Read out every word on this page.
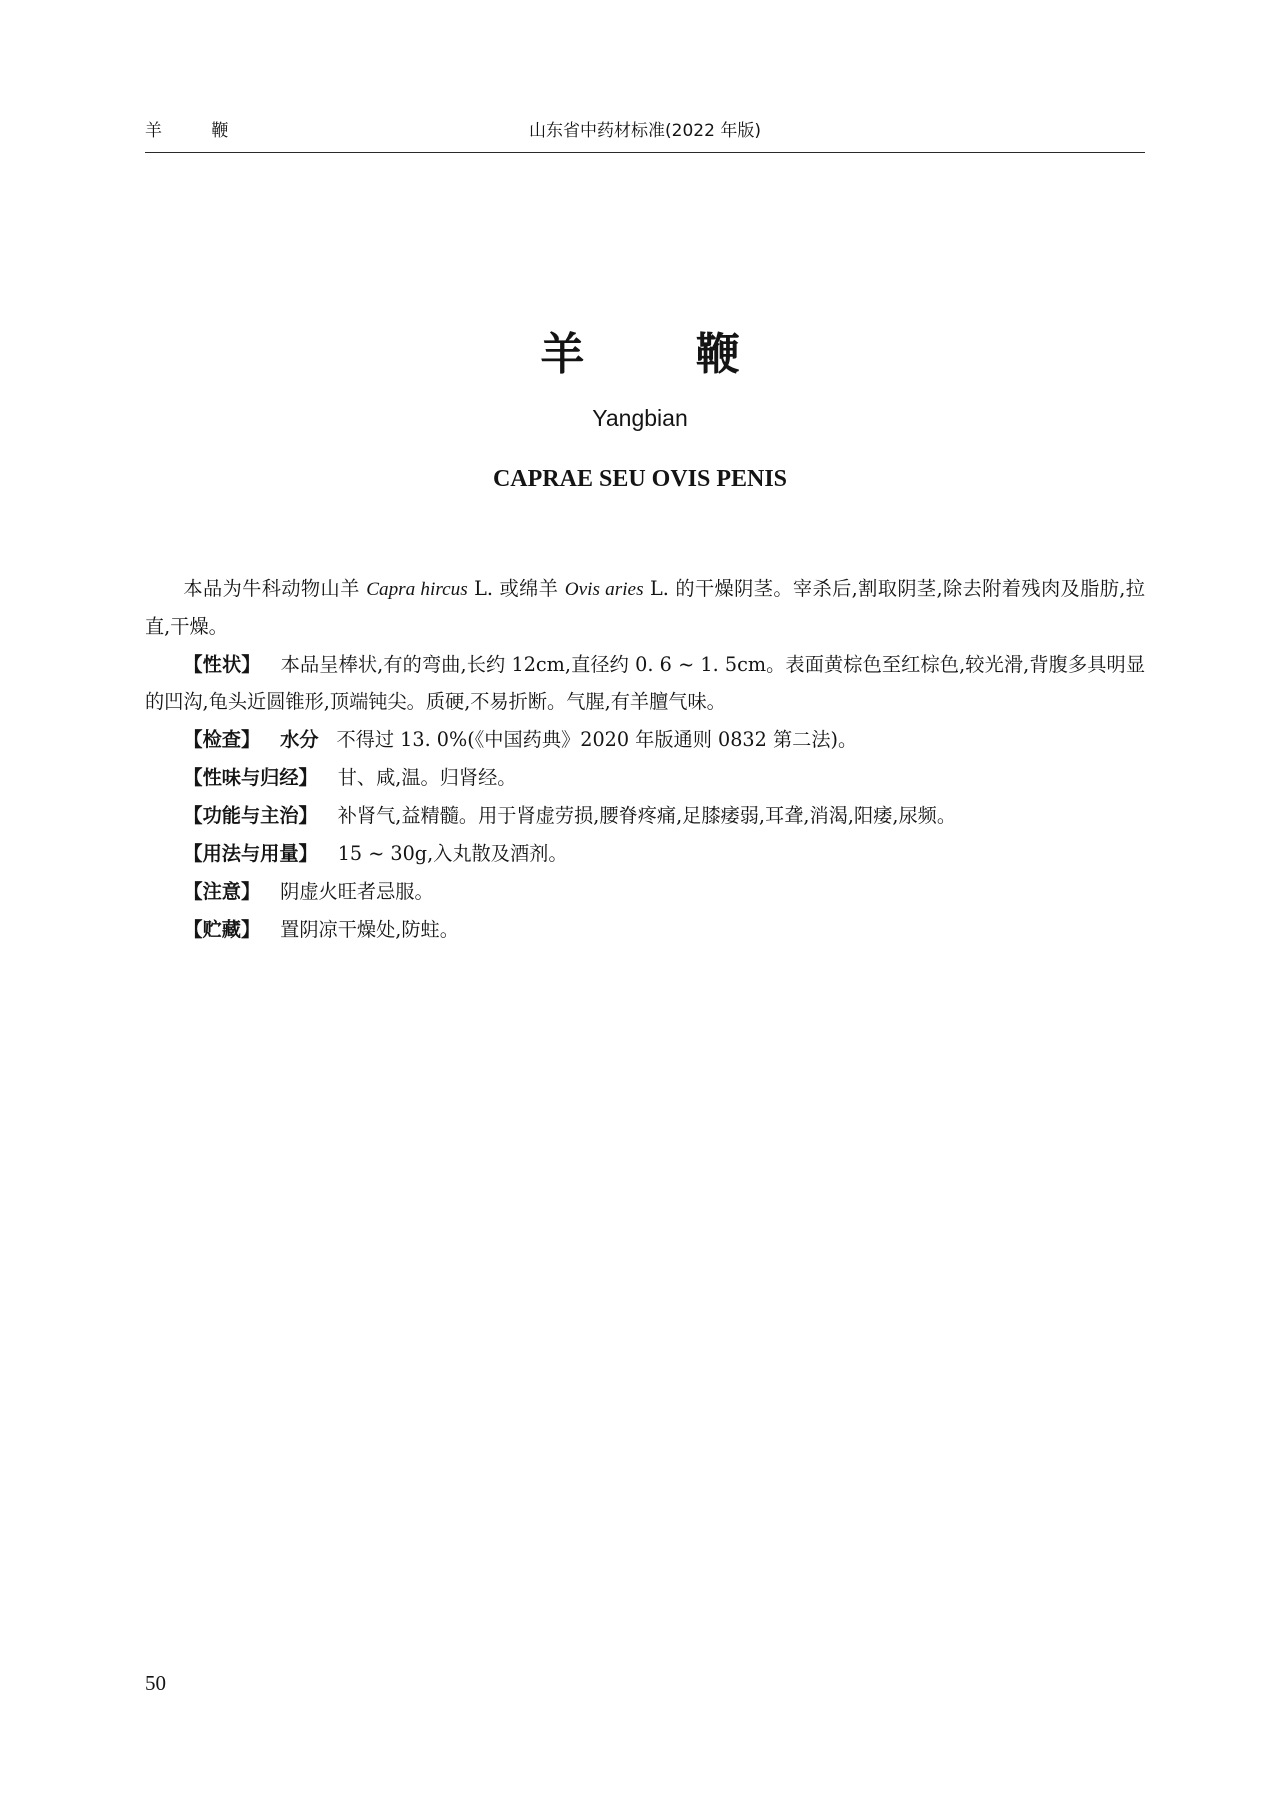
羊 鞭	山东省中药材标准(2022 年版)
羊 鞭
Yangbian
CAPRAE SEU OVIS PENIS

本品为牛科动物山羊 Capra hircus L. 或绵羊 Ovis aries L. 的干燥阴茎。宰杀后,割取阴茎,除去附着残肉及脂肪,拉直,干燥。

【性状】 本品呈棒状,有的弯曲,长约 12cm,直径约 0. 6 ~ 1. 5cm。表面黄棕色至红棕色,较光滑,背腹多具明显的凹沟,龟头近圆锥形,顶端钝尖。质硬,不易折断。气腥,有羊膻气味。

【检查】 水分 不得过 13. 0%(《中国药典》2020 年版通则 0832 第二法)。

【性味与归经】 甘、咸,温。归肾经。

【功能与主治】 补肾气,益精髓。用于肾虚劳损,腰脊疼痛,足膝痿弱,耳聋,消渴,阳痿,尿频。

【用法与用量】 15 ~ 30g,入丸散及酒剂。

【注意】 阴虚火旺者忌服。

【贮藏】 置阴凉干燥处,防蛀。

50
